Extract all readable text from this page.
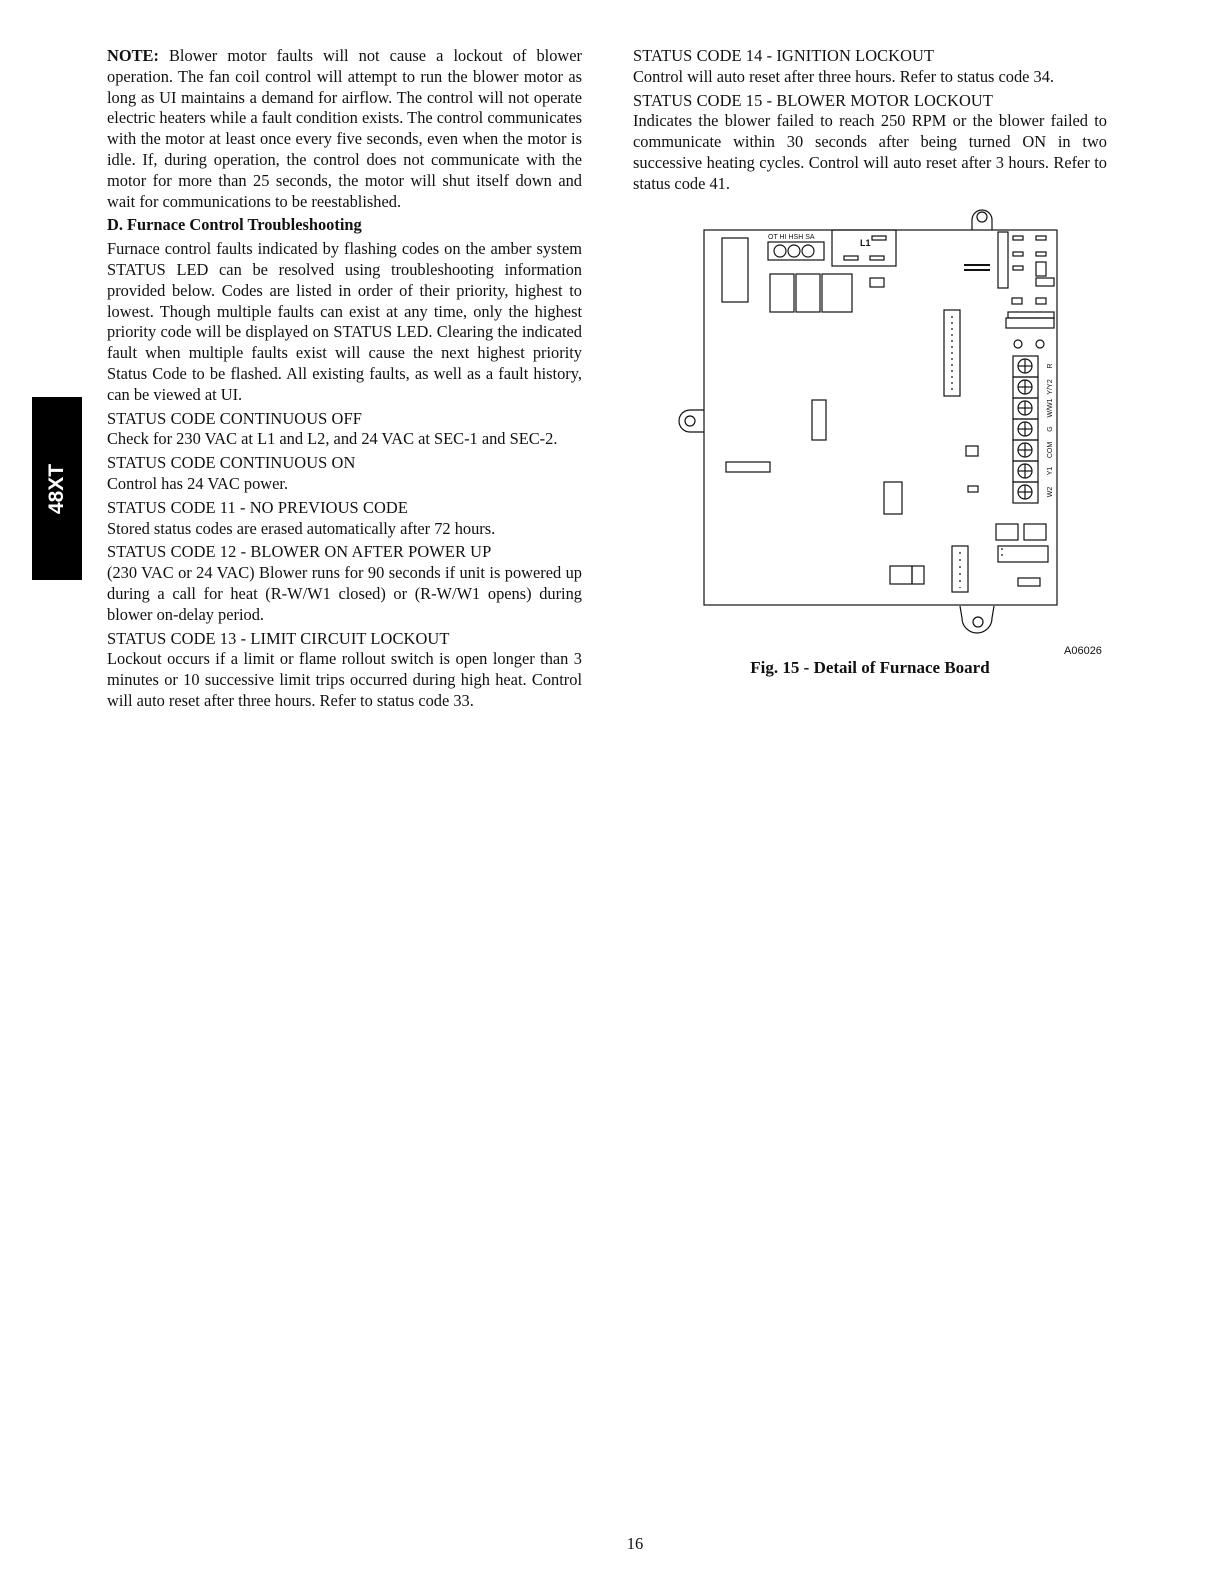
48XT

NOTE: Blower motor faults will not cause a lockout of blower operation. The fan coil control will attempt to run the blower motor as long as UI maintains a demand for airflow. The control will not operate electric heaters while a fault condition exists. The control communicates with the motor at least once every five seconds, even when the motor is idle. If, during operation, the control does not communicate with the motor for more than 25 seconds, the motor will shut itself down and wait for communications to be reestablished.

D. Furnace Control Troubleshooting

Furnace control faults indicated by flashing codes on the amber system STATUS LED can be resolved using troubleshooting information provided below. Codes are listed in order of their priority, highest to lowest. Though multiple faults can exist at any time, only the highest priority code will be displayed on STATUS LED. Clearing the indicated fault when multiple faults exist will cause the next highest priority Status Code to be flashed. All existing faults, as well as a fault history, can be viewed at UI.

STATUS CODE CONTINUOUS OFF

Check for 230 VAC at L1 and L2, and 24 VAC at SEC-1 and SEC-2.

STATUS CODE CONTINUOUS ON

Control has 24 VAC power.

STATUS CODE 11 - NO PREVIOUS CODE

Stored status codes are erased automatically after 72 hours.

STATUS CODE 12 - BLOWER ON AFTER POWER UP

(230 VAC or 24 VAC) Blower runs for 90 seconds if unit is powered up during a call for heat (R-W/W1 closed) or (R-W/W1 opens) during blower on-delay period.

STATUS CODE 13 - LIMIT CIRCUIT LOCKOUT

Lockout occurs if a limit or flame rollout switch is open longer than 3 minutes or 10 successive limit trips occurred during high heat. Control will auto reset after three hours. Refer to status code 33.

STATUS CODE 14 - IGNITION LOCKOUT

Control will auto reset after three hours. Refer to status code 34.

STATUS CODE 15 - BLOWER MOTOR LOCKOUT

Indicates the blower failed to reach 250 RPM or the blower failed to communicate within 30 seconds after being turned ON in two successive heating cycles. Control will auto reset after 3 hours. Refer to status code 41.

OT HI HSH SA
L1
R
Y/Y2
W/W1
G
COM
Y1
W2
A06026
Fig. 15 - Detail of Furnace Board
16
